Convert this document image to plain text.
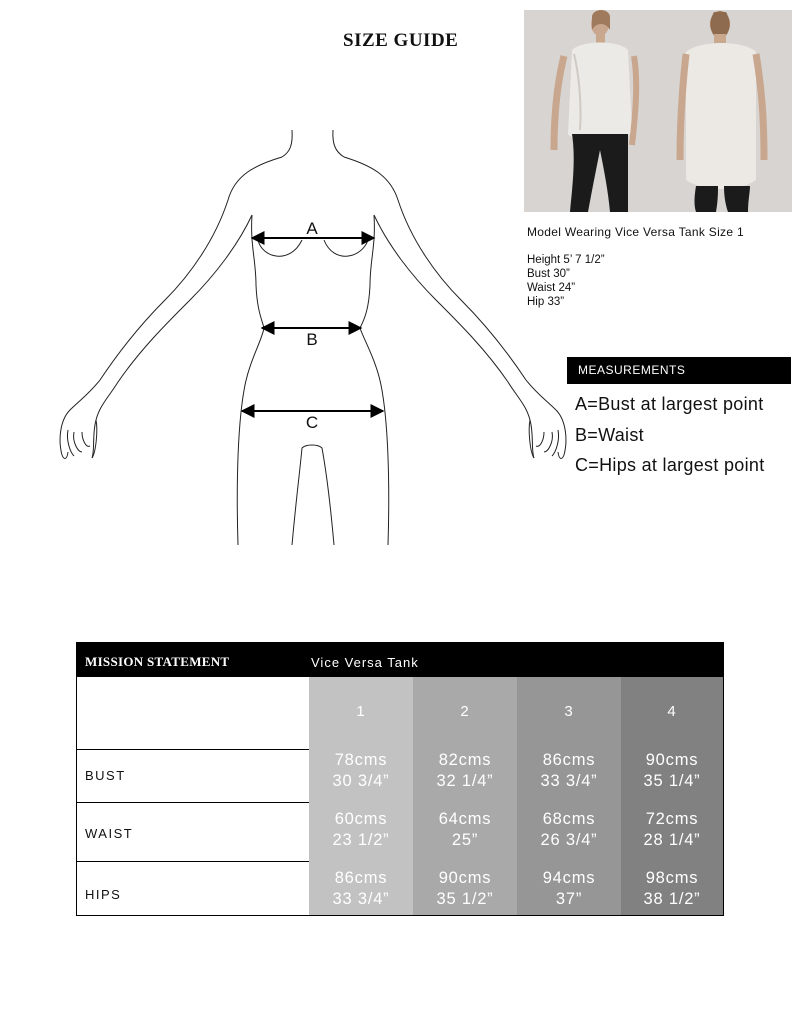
SIZE GUIDE
A
B
C
Model Wearing Vice Versa Tank Size 1
Height 5’ 7 1/2”
Bust 30”
Waist 24”
Hip 33”
MEASUREMENTS
A=Bust at largest point
B=Waist
C=Hips at largest point
MISSION STATEMENT	Vice Versa Tank
BUST
WAIST
HIPS
1
78cms
30 3/4”
60cms
23 1/2”
86cms
33 3/4”
2
82cms
32 1/4”
64cms
25”
90cms
35 1/2”
3
86cms
33 3/4”
68cms
26 3/4”
94cms
37”
4
90cms
35 1/4”
72cms
28 1/4”
98cms
38 1/2”
